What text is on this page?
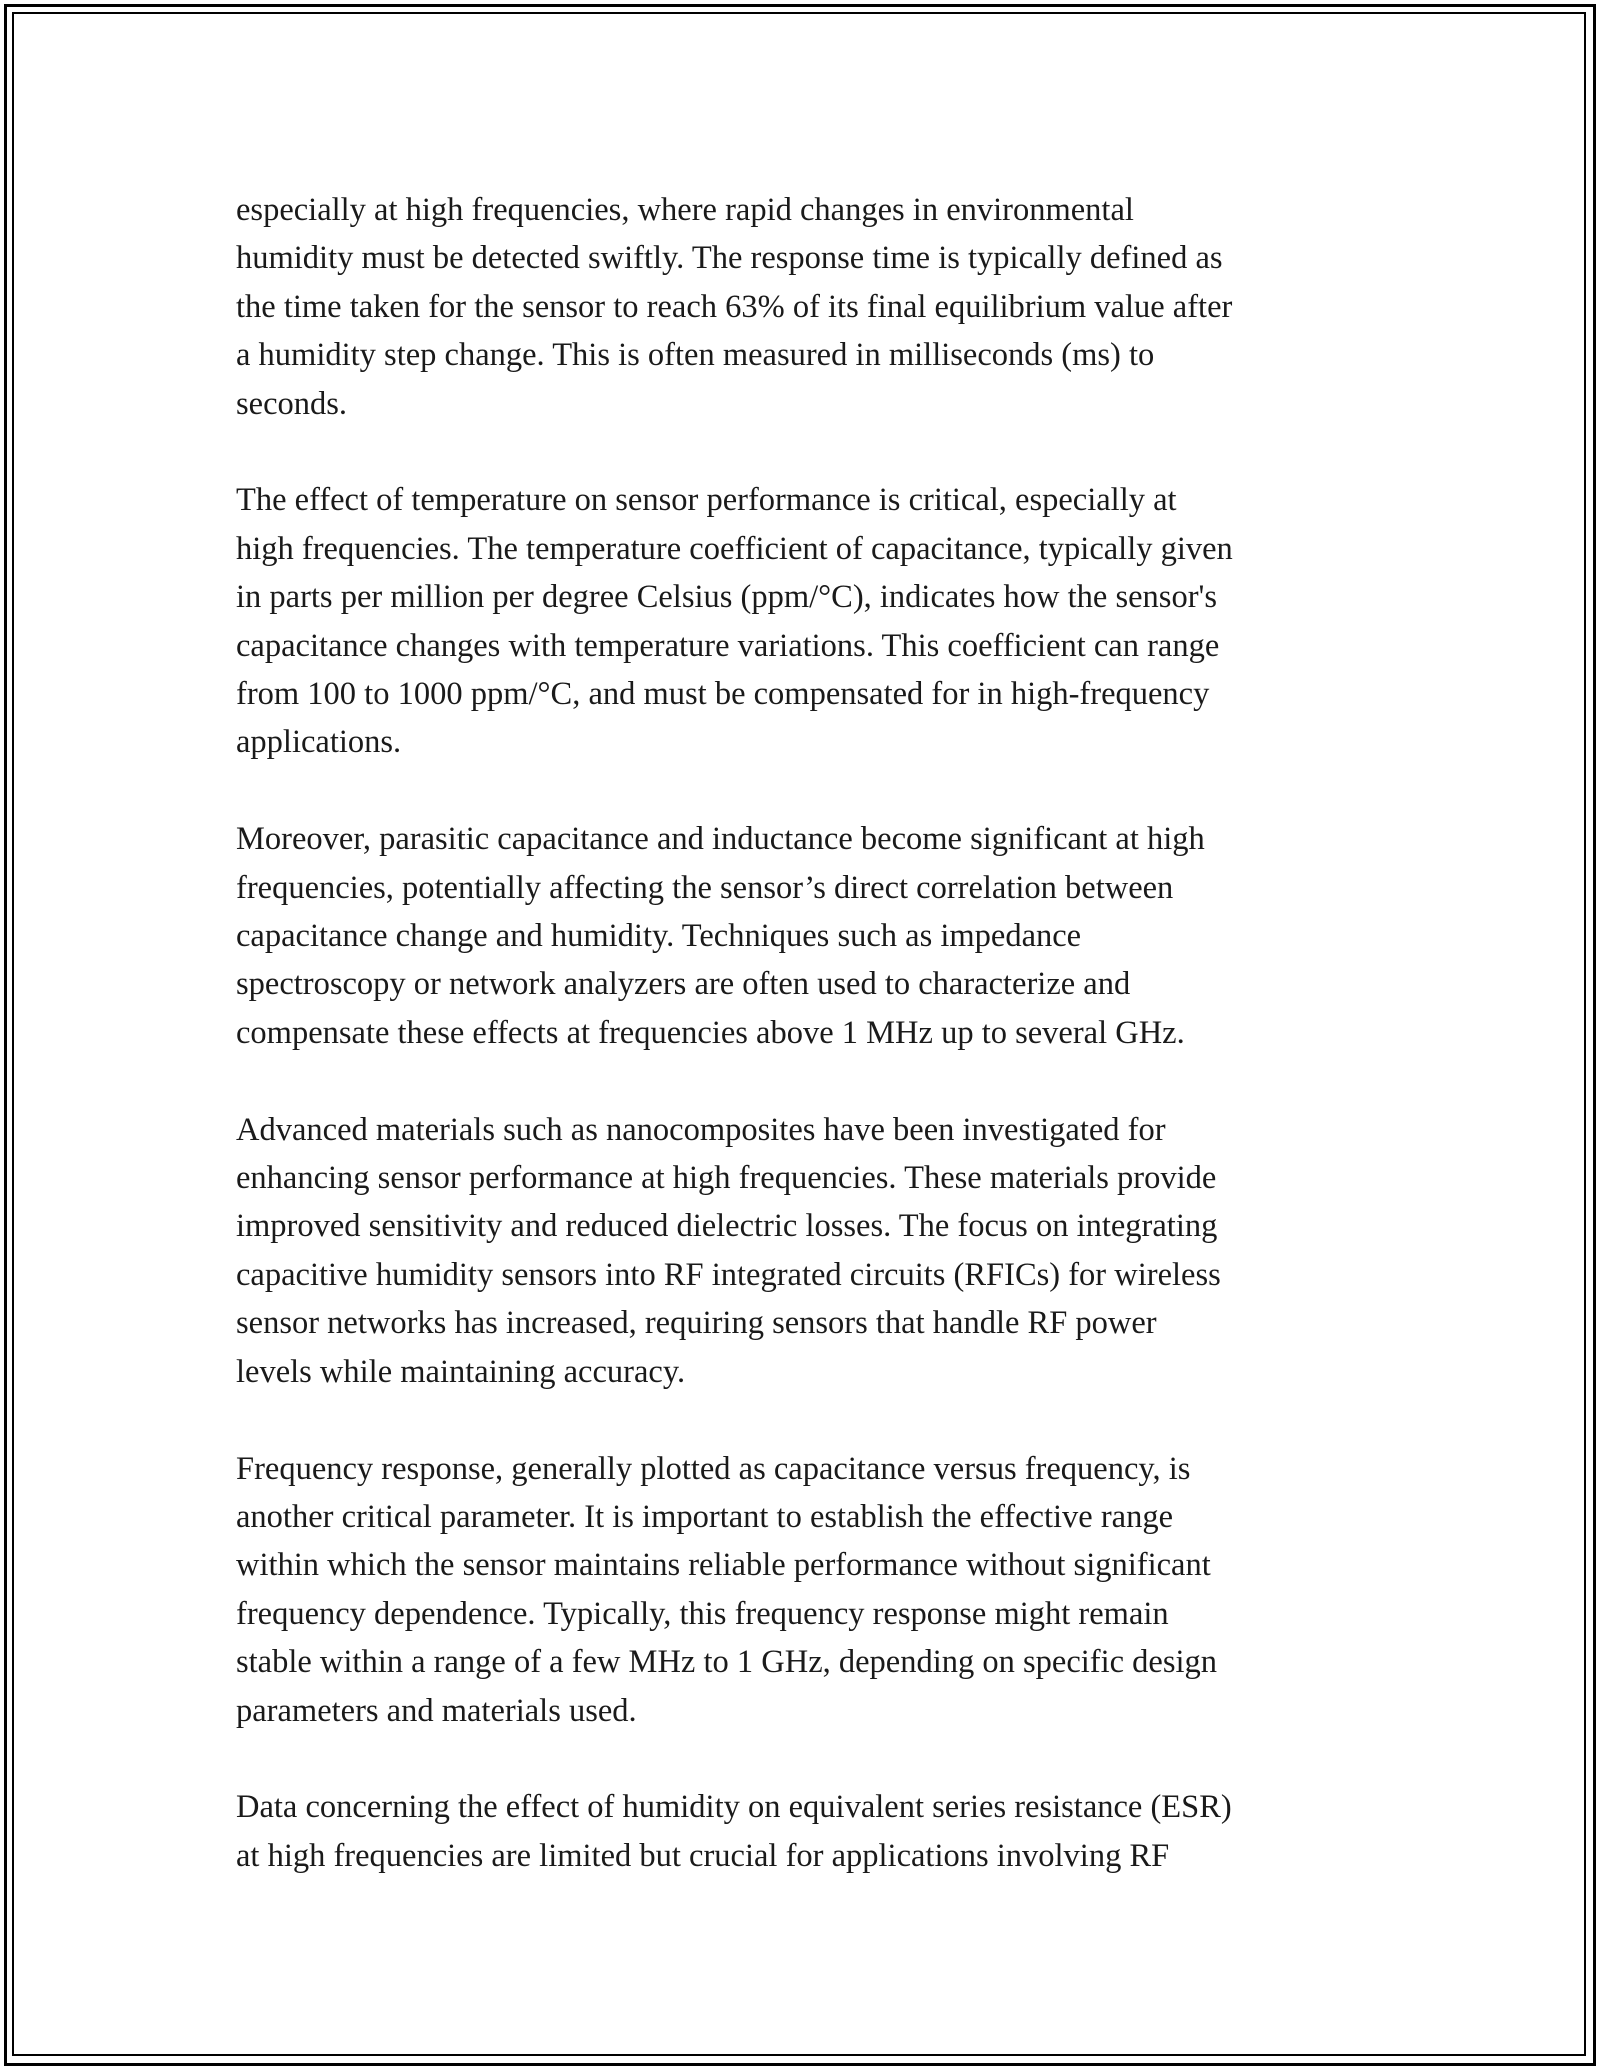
especially at high frequencies, where rapid changes in environmental
humidity must be detected swiftly. The response time is typically defined as
the time taken for the sensor to reach 63% of its final equilibrium value after
a humidity step change. This is often measured in milliseconds (ms) to
seconds.

The effect of temperature on sensor performance is critical, especially at
high frequencies. The temperature coefficient of capacitance, typically given
in parts per million per degree Celsius (ppm/°C), indicates how the sensor's
capacitance changes with temperature variations. This coefficient can range
from 100 to 1000 ppm/°C, and must be compensated for in high-frequency
applications.

Moreover, parasitic capacitance and inductance become significant at high
frequencies, potentially affecting the sensor’s direct correlation between
capacitance change and humidity. Techniques such as impedance
spectroscopy or network analyzers are often used to characterize and
compensate these effects at frequencies above 1 MHz up to several GHz.

Advanced materials such as nanocomposites have been investigated for
enhancing sensor performance at high frequencies. These materials provide
improved sensitivity and reduced dielectric losses. The focus on integrating
capacitive humidity sensors into RF integrated circuits (RFICs) for wireless
sensor networks has increased, requiring sensors that handle RF power
levels while maintaining accuracy.

Frequency response, generally plotted as capacitance versus frequency, is
another critical parameter. It is important to establish the effective range
within which the sensor maintains reliable performance without significant
frequency dependence. Typically, this frequency response might remain
stable within a range of a few MHz to 1 GHz, depending on specific design
parameters and materials used.

Data concerning the effect of humidity on equivalent series resistance (ESR)
at high frequencies are limited but crucial for applications involving RF
